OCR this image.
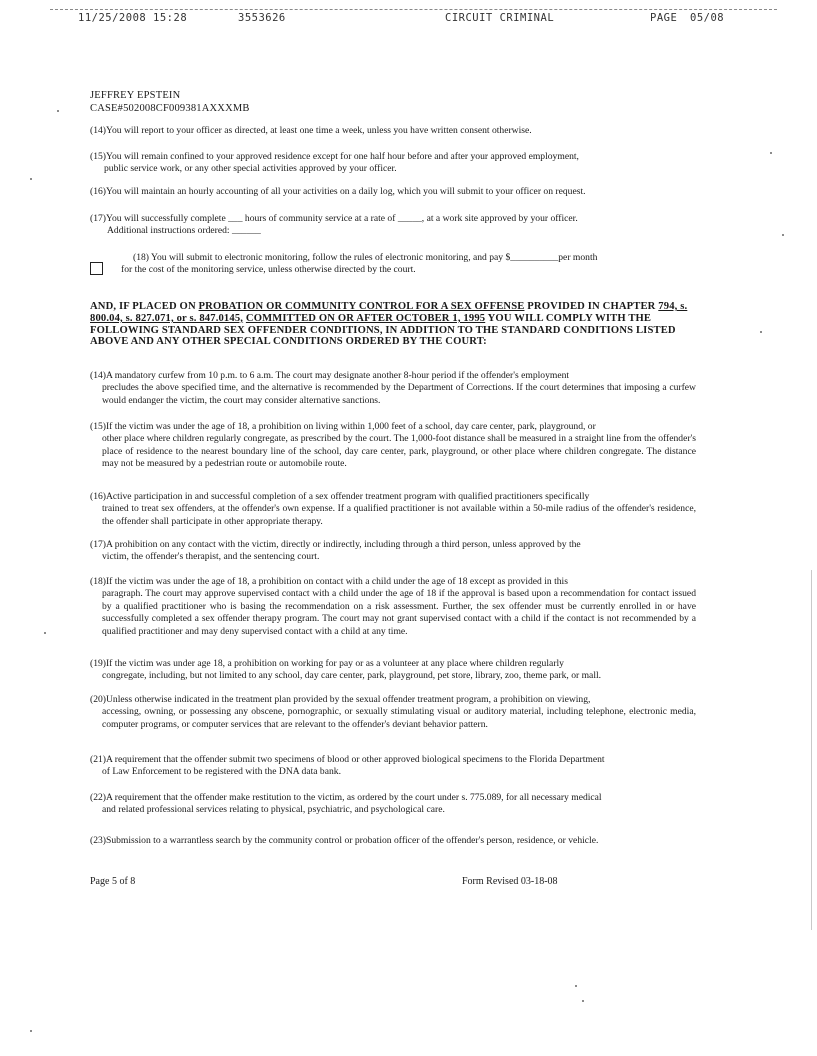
11/25/2008 15:28	3553626	CIRCUIT CRIMINAL	PAGE 05/08
JEFFREY EPSTEIN
CASE#502008CF009381AXXXMB
(14)You will report to your officer as directed, at least one time a week, unless you have written consent otherwise.
(15)You will remain confined to your approved residence except for one half hour before and after your approved employment,
public service work, or any other special activities approved by your officer.
(16)You will maintain an hourly accounting of all your activities on a daily log, which you will submit to your officer on request.
(17)You will successfully complete ___ hours of community service at a rate of _____, at a work site approved by your officer.
Additional instructions ordered: ______
(18) You will submit to electronic monitoring, follow the rules of electronic monitoring, and pay $__________per month
for the cost of the monitoring service, unless otherwise directed by the court.
AND, IF PLACED ON PROBATION OR COMMUNITY CONTROL FOR A SEX OFFENSE PROVIDED IN CHAPTER 794, s. 800.04, s. 827.071, or s. 847.0145, COMMITTED ON OR AFTER OCTOBER 1, 1995 YOU WILL COMPLY WITH THE FOLLOWING STANDARD SEX OFFENDER CONDITIONS, IN ADDITION TO THE STANDARD CONDITIONS LISTED ABOVE AND ANY OTHER SPECIAL CONDITIONS ORDERED BY THE COURT:
(14)A mandatory curfew from 10 p.m. to 6 a.m. The court may designate another 8-hour period if the offender's employment
precludes the above specified time, and the alternative is recommended by the Department of Corrections. If the court determines that imposing a curfew would endanger the victim, the court may consider alternative sanctions.
(15)If the victim was under the age of 18, a prohibition on living within 1,000 feet of a school, day care center, park, playground, or
other place where children regularly congregate, as prescribed by the court. The 1,000-foot distance shall be measured in a straight line from the offender's place of residence to the nearest boundary line of the school, day care center, park, playground, or other place where children congregate. The distance may not be measured by a pedestrian route or automobile route.
(16)Active participation in and successful completion of a sex offender treatment program with qualified practitioners specifically
trained to treat sex offenders, at the offender's own expense. If a qualified practitioner is not available within a 50-mile radius of the offender's residence, the offender shall participate in other appropriate therapy.
(17)A prohibition on any contact with the victim, directly or indirectly, including through a third person, unless approved by the
victim, the offender's therapist, and the sentencing court.
(18)If the victim was under the age of 18, a prohibition on contact with a child under the age of 18 except as provided in this
paragraph. The court may approve supervised contact with a child under the age of 18 if the approval is based upon a recommendation for contact issued by a qualified practitioner who is basing the recommendation on a risk assessment. Further, the sex offender must be currently enrolled in or have successfully completed a sex offender therapy program. The court may not grant supervised contact with a child if the contact is not recommended by a qualified practitioner and may deny supervised contact with a child at any time.
(19)If the victim was under age 18, a prohibition on working for pay or as a volunteer at any place where children regularly
congregate, including, but not limited to any school, day care center, park, playground, pet store, library, zoo, theme park, or mall.
(20)Unless otherwise indicated in the treatment plan provided by the sexual offender treatment program, a prohibition on viewing,
accessing, owning, or possessing any obscene, pornographic, or sexually stimulating visual or auditory material, including telephone, electronic media, computer programs, or computer services that are relevant to the offender's deviant behavior pattern.
(21)A requirement that the offender submit two specimens of blood or other approved biological specimens to the Florida Department
of Law Enforcement to be registered with the DNA data bank.
(22)A requirement that the offender make restitution to the victim, as ordered by the court under s. 775.089, for all necessary medical
and related professional services relating to physical, psychiatric, and psychological care.
(23)Submission to a warrantless search by the community control or probation officer of the offender's person, residence, or vehicle.
Page 5 of 8	Form Revised 03-18-08
